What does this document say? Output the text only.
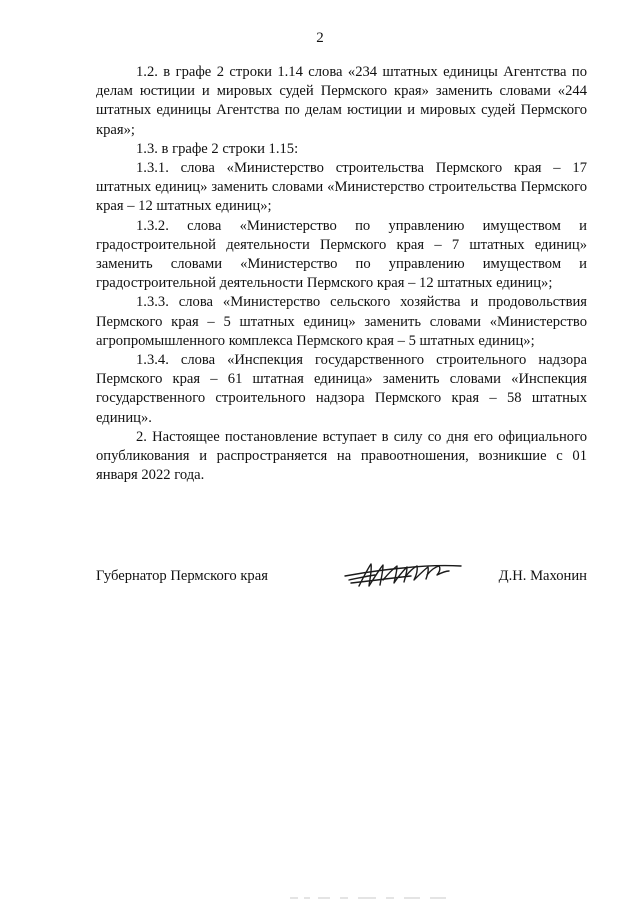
2

1.2. в графе 2 строки 1.14 слова «234 штатных единицы Агентства по делам юстиции и мировых судей Пермского края» заменить словами «244 штатных единицы Агентства по делам юстиции и мировых судей Пермского края»;

1.3. в графе 2 строки 1.15:

1.3.1. слова «Министерство строительства Пермского края – 17 штатных единиц» заменить словами «Министерство строительства Пермского края – 12 штатных единиц»;

1.3.2. слова «Министерство по управлению имуществом и градостроительной деятельности Пермского края – 7 штатных единиц» заменить словами «Министерство по управлению имуществом и градостроительной деятельности Пермского края – 12 штатных единиц»;

1.3.3. слова «Министерство сельского хозяйства и продовольствия Пермского края – 5 штатных единиц» заменить словами «Министерство агропромышленного комплекса Пермского края – 5 штатных единиц»;

1.3.4. слова «Инспекция государственного строительного надзора Пермского края – 61 штатная единица» заменить словами «Инспекция государственного строительного надзора Пермского края – 58 штатных единиц».

2. Настоящее постановление вступает в силу со дня его официального опубликования и распространяется на правоотношения, возникшие с 01 января 2022 года.

Губернатор Пермского края	Д.Н. Махонин
